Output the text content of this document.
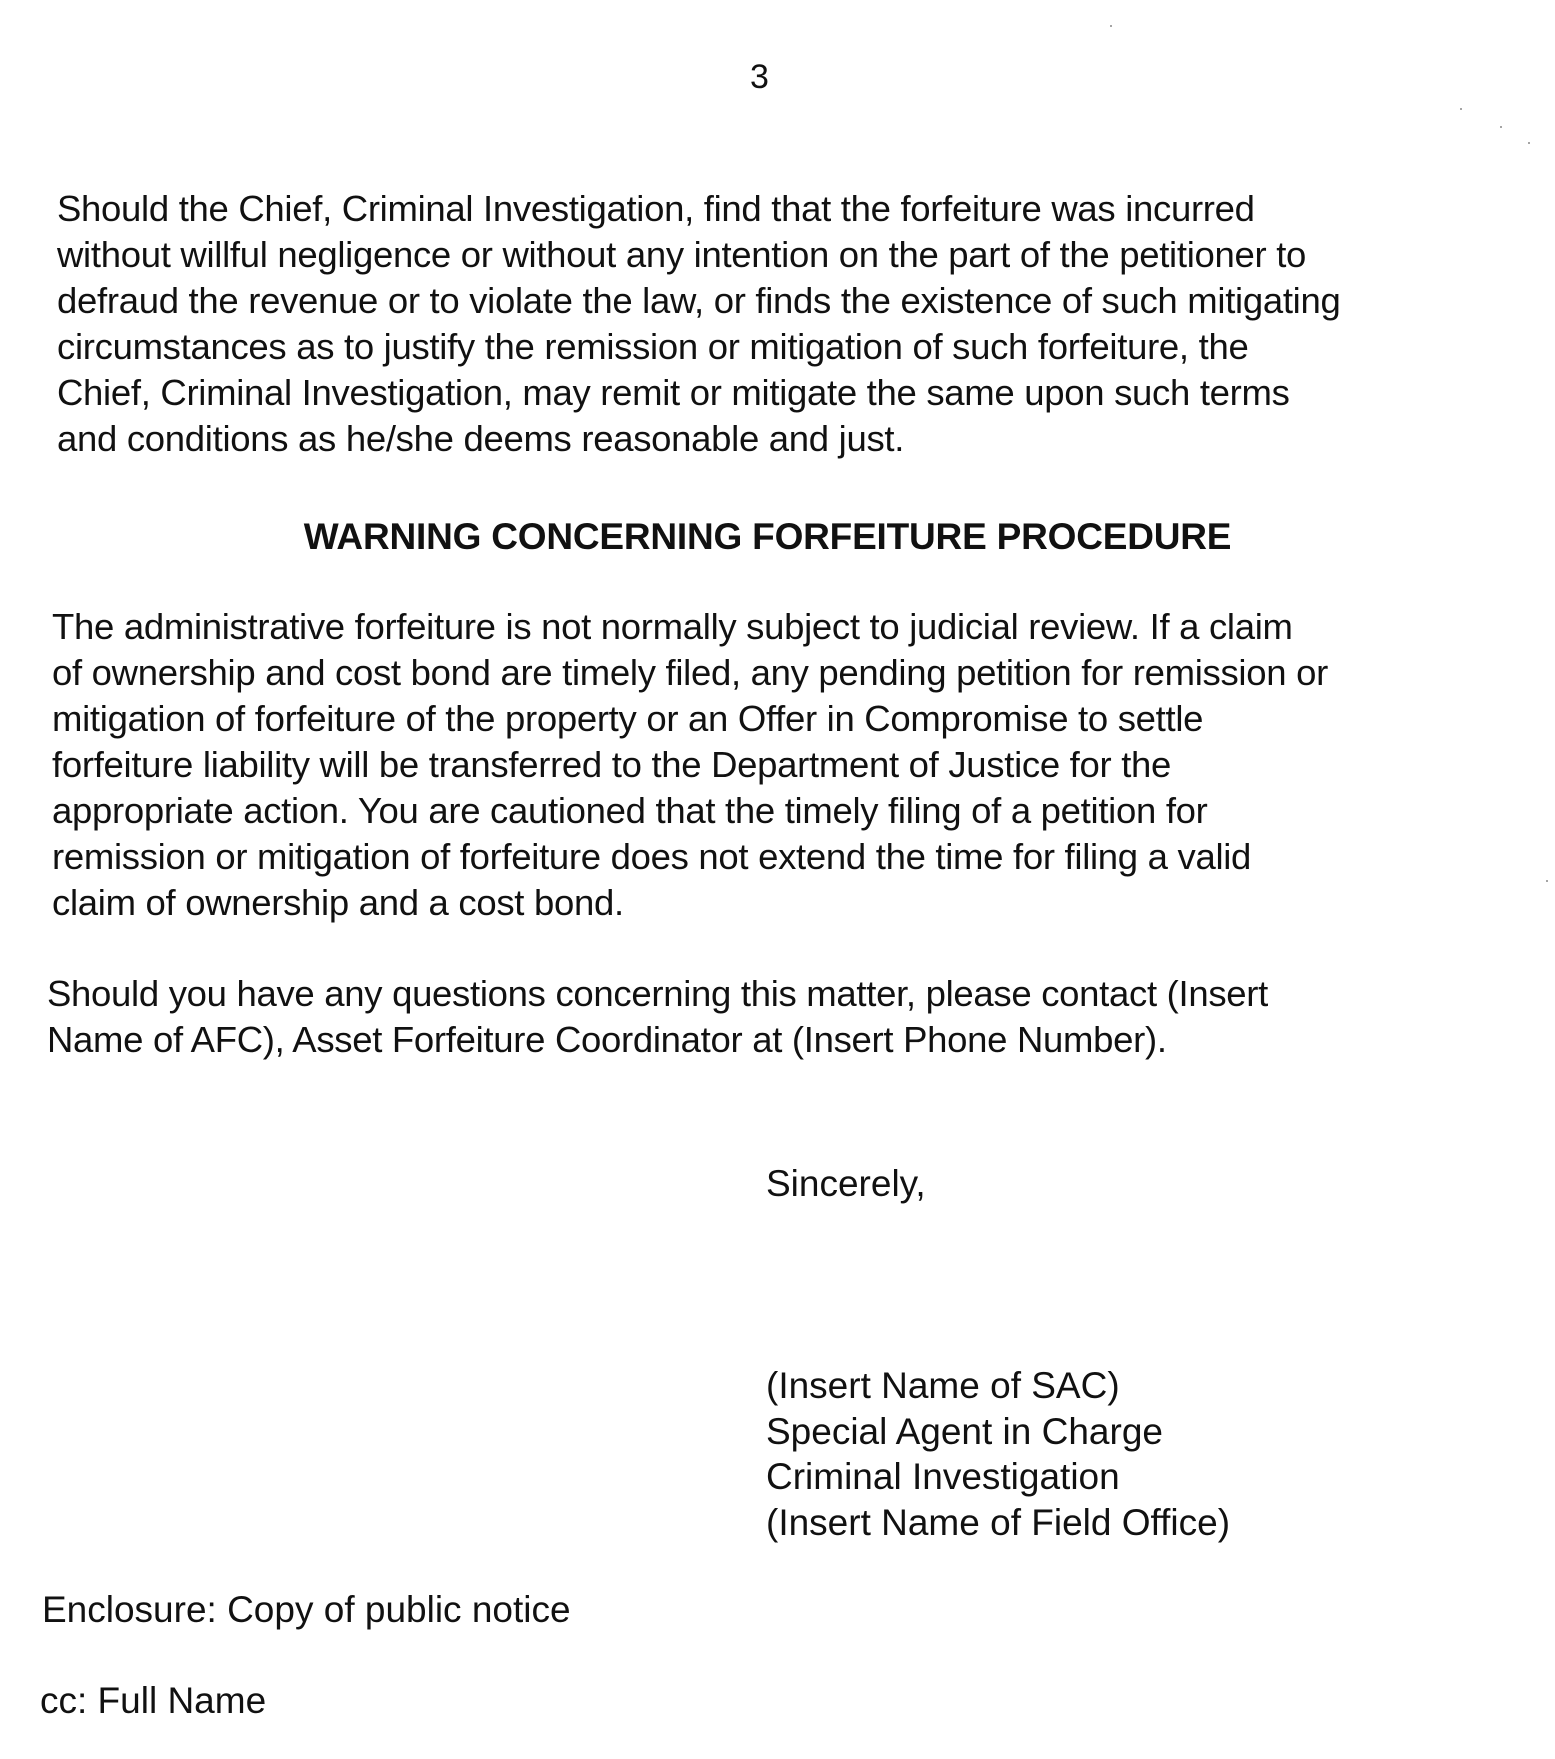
3
Should the Chief, Criminal Investigation, find that the forfeiture was incurred
without willful negligence or without any intention on the part of the petitioner to
defraud the revenue or to violate the law, or finds the existence of such mitigating
circumstances as to justify the remission or mitigation of such forfeiture, the
Chief, Criminal Investigation, may remit or mitigate the same upon such terms
and conditions as he/she deems reasonable and just.
WARNING CONCERNING FORFEITURE PROCEDURE
The administrative forfeiture is not normally subject to judicial review. If a claim
of ownership and cost bond are timely filed, any pending petition for remission or
mitigation of forfeiture of the property or an Offer in Compromise to settle
forfeiture liability will be transferred to the Department of Justice for the
appropriate action. You are cautioned that the timely filing of a petition for
remission or mitigation of forfeiture does not extend the time for filing a valid
claim of ownership and a cost bond.
Should you have any questions concerning this matter, please contact (Insert
Name of AFC), Asset Forfeiture Coordinator at (Insert Phone Number).
Sincerely,
(Insert Name of SAC)
Special Agent in Charge
Criminal Investigation
(Insert Name of Field Office)
Enclosure: Copy of public notice
cc: Full Name
